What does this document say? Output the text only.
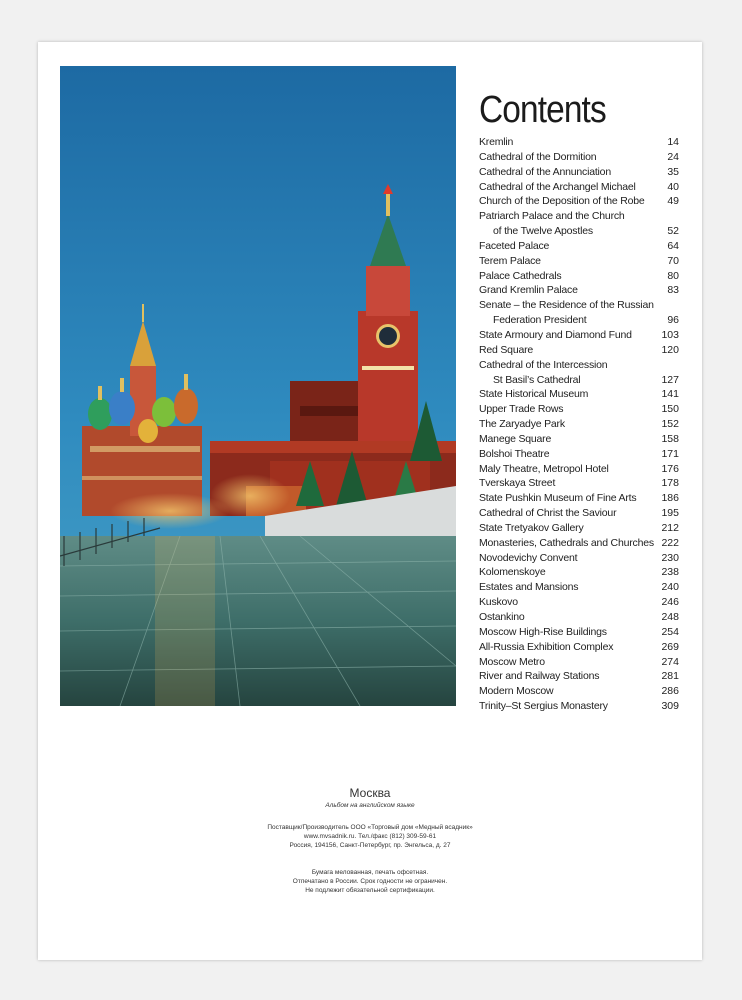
Contents
Kremlin	14
Cathedral of the Dormition	24
Cathedral of the Annunciation	35
Cathedral of the Archangel Michael	40
Church of the Deposition of the Robe 49
Patriarch Palace and the Church
of the Twelve Apostles	52
Faceted Palace	64
Terem Palace	70
Palace Cathedrals	80
Grand Kremlin Palace	83
Senate – the Residence of the Russian
Federation President	96
State Armoury and Diamond Fund	103
Red Square	120
Cathedral of the Intercession
St Basil’s Cathedral	127
State Historical Museum	141
Upper Trade Rows	150
The Zaryadye Park	152
Manege Square	158
Bolshoi Theatre	171
Maly Theatre, Metropol Hotel	176
Tverskaya Street	178
State Pushkin Museum of Fine Arts	186
Cathedral of Christ the Saviour	195
State Tretyakov Gallery	212
Monasteries, Cathedrals and Churches 222
Novodevichy Convent	230
Kolomenskoye	238
Estates and Mansions	240
Kuskovo	246
Ostankino	248
Moscow High-Rise Buildings	254
All-Russia Exhibition Complex	269
Moscow Metro	274
River and Railway Stations	281
Modern Moscow	286
Trinity–St Sergius Monastery	309
Москва
Альбом на английском языке
Поставщик/Производитель ООО «Торговый дом «Медный всадник»
www.mvsadnik.ru. Тел./факс (812) 309-59-61
Россия, 194156, Санкт-Петербург, пр. Энгельса, д. 27
Бумага мелованная, печать офсетная.
Отпечатано в России. Срок годности не ограничен.
Не подлежит обязательной сертификации.
